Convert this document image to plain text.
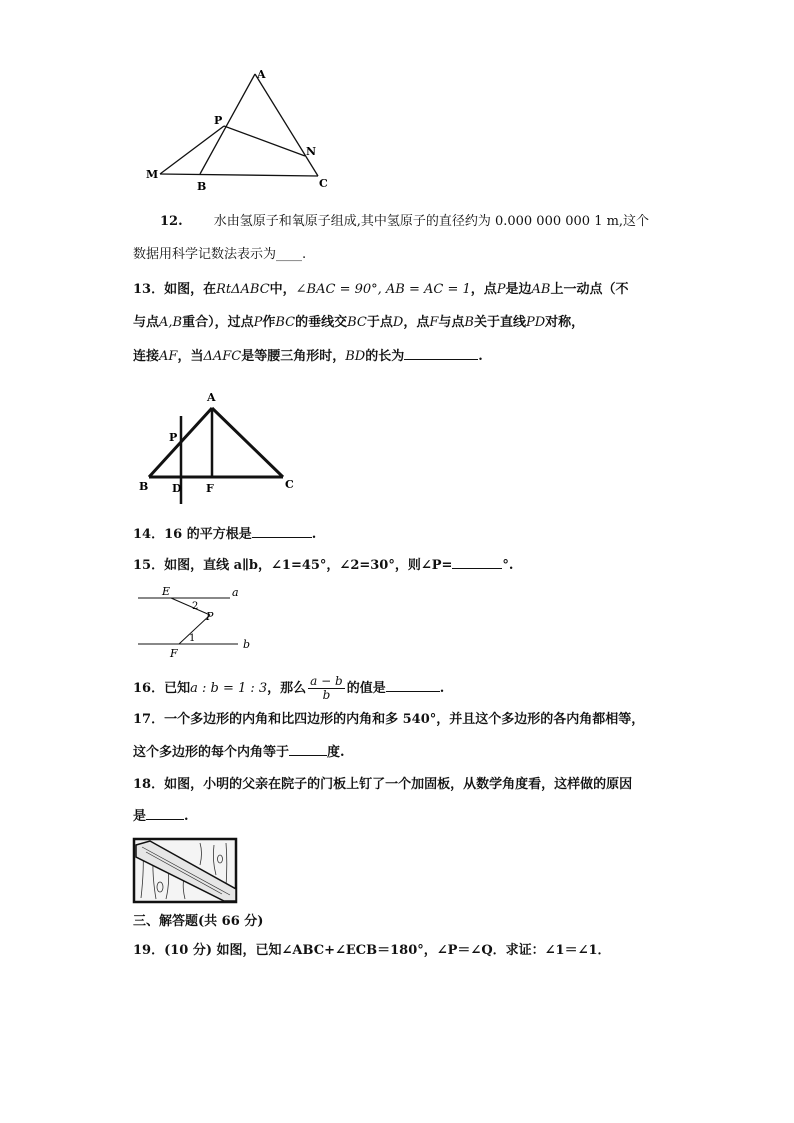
A
P
N
M
B	C
12. 水由氢原子和氧原子组成,其中氢原子的直径约为 0.000 000 000 1 m,这个
数据用科学记数法表示为____.
13．如图，在RtΔABC中，∠BAC = 90°, AB = AC = 1，点P是边AB上一动点（不
与点A,B重合），过点P作BC的垂线交BC于点D，点F与点B关于直线PD对称，
连接AF，当ΔAFC是等腰三角形时，BD的长为	.
A
P
B D F	C
14．16 的平方根是	.
15．如图，直线 a∥b，∠1=45°，∠2=30°，则∠P=	°.
E	a
2
P
1	b
F
16．已知a : b = 1 : 3，那么 $\frac{a - b}{b}$ 的值是	.
17．一个多边形的内角和比四边形的内角和多 540°，并且这个多边形的各内角都相等，
这个多边形的每个内角等于	度.
18．如图，小明的父亲在院子的门板上钉了一个加固板，从数学角度看，这样做的原因
是	.
三、解答题(共 66 分)
19．(10 分) 如图，已知∠ABC+∠ECB＝180°，∠P＝∠Q．求证：∠1＝∠1．
